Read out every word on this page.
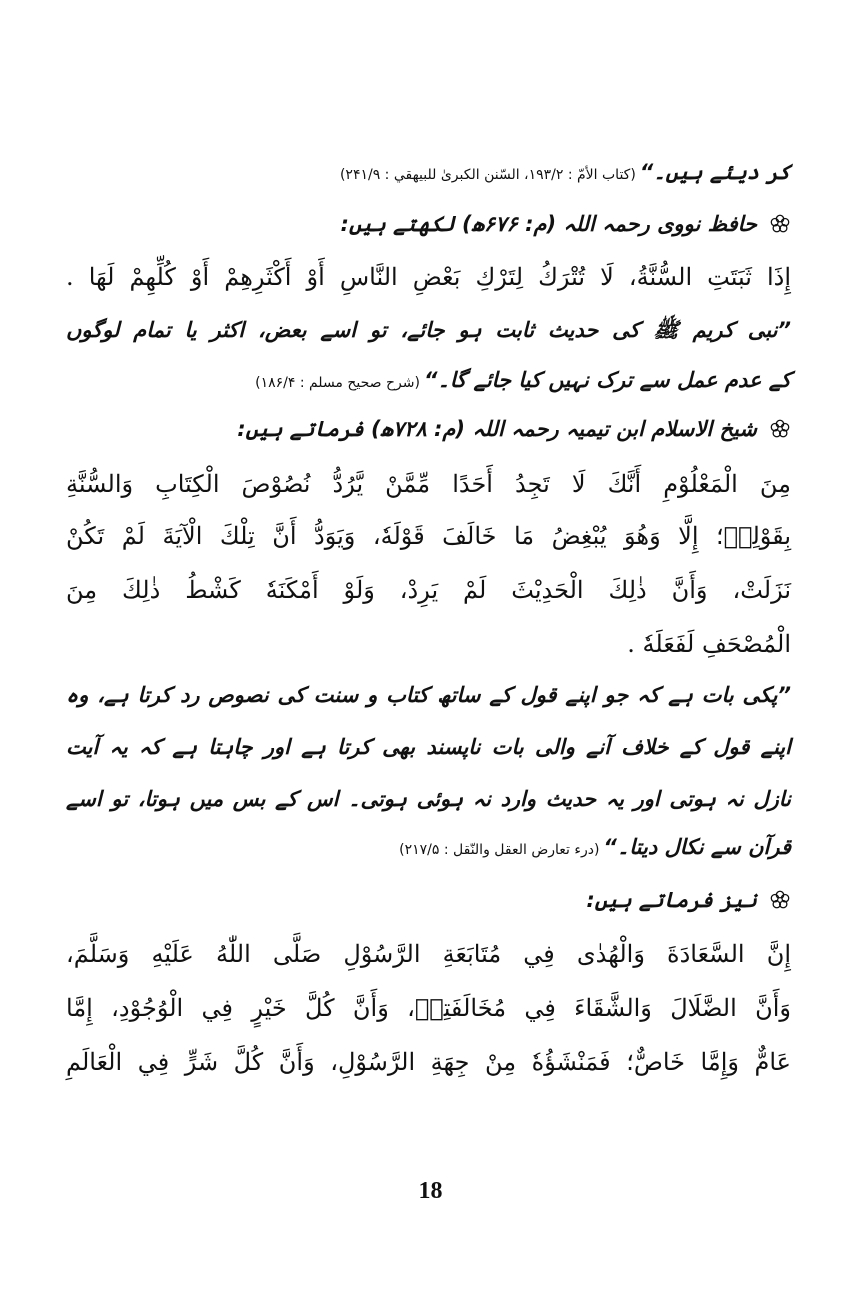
کر دیئے ہیں۔“(كتاب الأمّ : ۱۹۳/۲، السّنن الكبرىٰ للبيهقي : ۲۴۱/۹)
حافظ نووی رحمہ اللہ (م: ۶۷۶ھ) لکھتے ہیں:
إِذَا ثَبَتَتِ السُّنَّةُ، لَا تُتْرَكُ لِتَرْكِ بَعْضِ النَّاسِ أَوْ أَكْثَرِهِمْ أَوْ كُلِّهِمْ لَهَا .
”نبی کریم ﷺ کی حدیث ثابت ہو جائے، تو اسے بعض، اکثر یا تمام لوگوں
کے عدم عمل سے ترک نہیں کیا جائے گا۔“(شرح صحيح مسلم : ۱۸۶/۴)
شیخ الاسلام ابن تیمیہ رحمہ اللہ (م: ۷۲۸ھ) فرماتے ہیں:
مِنَ الْمَعْلُوْمِ أَنَّكَ لَا تَجِدُ أَحَدًا مِّمَّنْ يَّرُدُّ نُصُوْصَ الْكِتَابِ وَالسُّنَّةِ
بِقَوْلِهٖ؛ إِلَّا وَهُوَ يُبْغِضُ مَا خَالَفَ قَوْلَهٗ، وَيَوَدُّ أَنَّ تِلْكَ الْآيَةَ لَمْ تَكُنْ
نَزَلَتْ، وَأَنَّ ذٰلِكَ الْحَدِيْثَ لَمْ يَرِدْ، وَلَوْ أَمْكَنَهٗ كَشْطُ ذٰلِكَ مِنَ
الْمُصْحَفِ لَفَعَلَهٗ .
”پکی بات ہے کہ جو اپنے قول کے ساتھ کتاب و سنت کی نصوص رد کرتا ہے، وہ
اپنے قول کے خلاف آنے والی بات ناپسند بھی کرتا ہے اور چاہتا ہے کہ یہ آیت
نازل نہ ہوتی اور یہ حدیث وارد نہ ہوئی ہوتی۔ اس کے بس میں ہوتا، تو اسے
قرآن سے نکال دیتا۔“(درء تعارض العقل والنّقل : ۲۱۷/۵)
نیز فرماتے ہیں:
إِنَّ السَّعَادَةَ وَالْهُدٰى فِي مُتَابَعَةِ الرَّسُوْلِ صَلَّى اللّٰهُ عَلَيْهِ وَسَلَّمَ،
وَأَنَّ الضَّلَالَ وَالشَّقَاءَ فِي مُخَالَفَتِهٖ، وَأَنَّ كُلَّ خَيْرٍ فِي الْوُجُوْدِ، إِمَّا
عَامٌّ وَإِمَّا خَاصٌّ؛ فَمَنْشَؤُهٗ مِنْ جِهَةِ الرَّسُوْلِ، وَأَنَّ كُلَّ شَرٍّ فِي الْعَالَمِ
18
